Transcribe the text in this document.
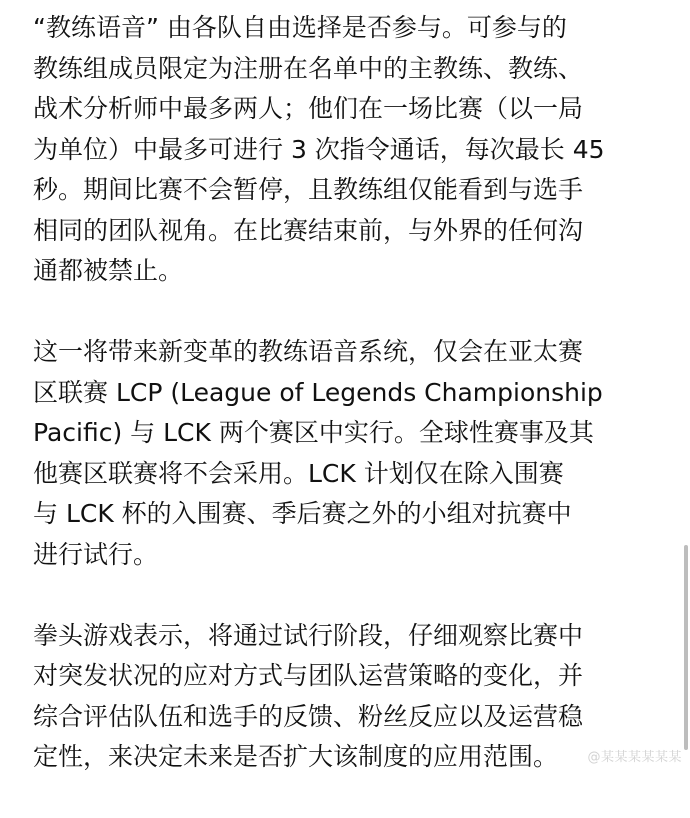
“教练语音” 由各队自由选择是否参与。可参与的
教练组成员限定为注册在名单中的主教练、教练、
战术分析师中最多两人；他们在一场比赛（以一局
为单位）中最多可进行 3 次指令通话，每次最长 45
秒。期间比赛不会暂停，且教练组仅能看到与选手
相同的团队视角。在比赛结束前，与外界的任何沟
通都被禁止。
这一将带来新变革的教练语音系统，仅会在亚太赛
区联赛 LCP (League of Legends Championship
Pacific) 与 LCK 两个赛区中实行。全球性赛事及其
他赛区联赛将不会采用。LCK 计划仅在除入围赛
与 LCK 杯的入围赛、季后赛之外的小组对抗赛中
进行试行。
拳头游戏表示，将通过试行阶段，仔细观察比赛中
对突发状况的应对方式与团队运营策略的变化，并
综合评估队伍和选手的反馈、粉丝反应以及运营稳
定性，来决定未来是否扩大该制度的应用范围。	@某某某某某某
